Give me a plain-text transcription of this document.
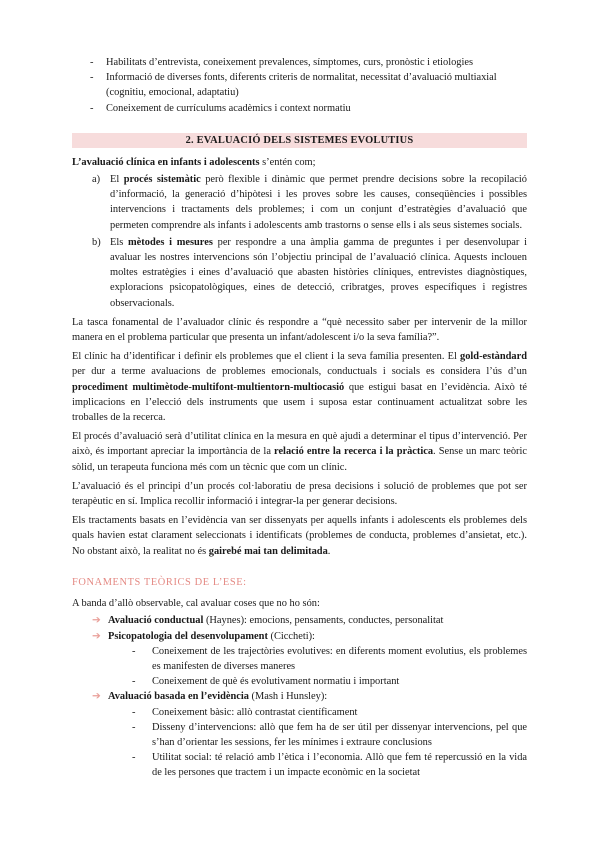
-	Habilitats d’entrevista, coneixement prevalences, símptomes, curs, pronòstic i etiologies
-	Informació de diverses fonts, diferents criteris de normalitat, necessitat d’avaluació multiaxial (cognitiu, emocional, adaptatiu)
-	Coneixement de currículums acadèmics i context normatiu
2. EVALUACIÓ DELS SISTEMES EVOLUTIUS

L’avaluació clínica en infants i adolescents s’entén com;

a) El procés sistemàtic però flexible i dinàmic que permet prendre decisions sobre la recopilació d’informació, la generació d’hipòtesi i les proves sobre les causes, conseqüències i possibles intervencions i tractaments dels problemes; i com un conjunt d’estratègies d’avaluació que permeten comprendre als infants i adolescents amb trastorns o sense ells i als seus sistemes socials.
b) Els mètodes i mesures per respondre a una àmplia gamma de preguntes i per desenvolupar i avaluar les nostres intervencions són l’objectiu principal de l’avaluació clínica. Aquests inclouen moltes estratègies i eines d’avaluació que abasten històries clíniques, entrevistes diagnòstiques, exploracions psicopatològiques, eines de detecció, cribratges, proves específiques i registres observacionals.

La tasca fonamental de l’avaluador clínic és respondre a “què necessito saber per intervenir de la millor manera en el problema particular que presenta un infant/adolescent i/o la seva família?”.

El clínic ha d’identificar i definir els problemes que el client i la seva família presenten. El gold-estàndard per dur a terme avaluacions de problemes emocionals, conductuals i socials es considera l’ús d’un procediment multimètode-multifont-multientorn-multiocasió que estigui basat en l’evidència. Això té implicacions en l’elecció dels instruments que usem i suposa estar continuament actualitzat sobre les troballes de la recerca.

El procés d’avaluació serà d’utilitat clínica en la mesura en què ajudi a determinar el tipus d’intervenció. Per això, és important apreciar la importància de la relació entre la recerca i la pràctica. Sense un marc teòric sòlid, un terapeuta funciona més com un tècnic que com un clínic.

L’avaluació és el principi d’un procés col·laboratiu de presa decisions i solució de problemes que pot ser terapèutic en sí. Implica recollir informació i integrar-la per generar decisions.

Els tractaments basats en l’evidència van ser dissenyats per aquells infants i adolescents els problemes dels quals havien estat clarament seleccionats i identificats (problemes de conducta, problemes d’ansietat, etc.). No obstant això, la realitat no és gairebé mai tan delimitada.

FONAMENTS TEÒRICS DE L’ESE:

A banda d’allò observable, cal avaluar coses que no ho són:

➔ Avaluació conductual (Haynes): emocions, pensaments, conductes, personalitat
➔ Psicopatologia del desenvolupament (Ciccheti):
-	Coneixement de les trajectòries evolutives: en diferents moment evolutius, els problemes es manifesten de diverses maneres
-	Coneixement de què és evolutivament normatiu i important
➔ Avaluació basada en l’evidència (Mash i Hunsley):
-	Coneixement bàsic: allò contrastat científicament
-	Disseny d’intervencions: allò que fem ha de ser útil per dissenyar intervencions, pel que s’han d’orientar les sessions, fer les mínimes i extraure conclusions
-	Utilitat social: té relació amb l’ètica i l’economia. Allò que fem té repercussió en la vida de les persones que tractem i un impacte econòmic en la societat
